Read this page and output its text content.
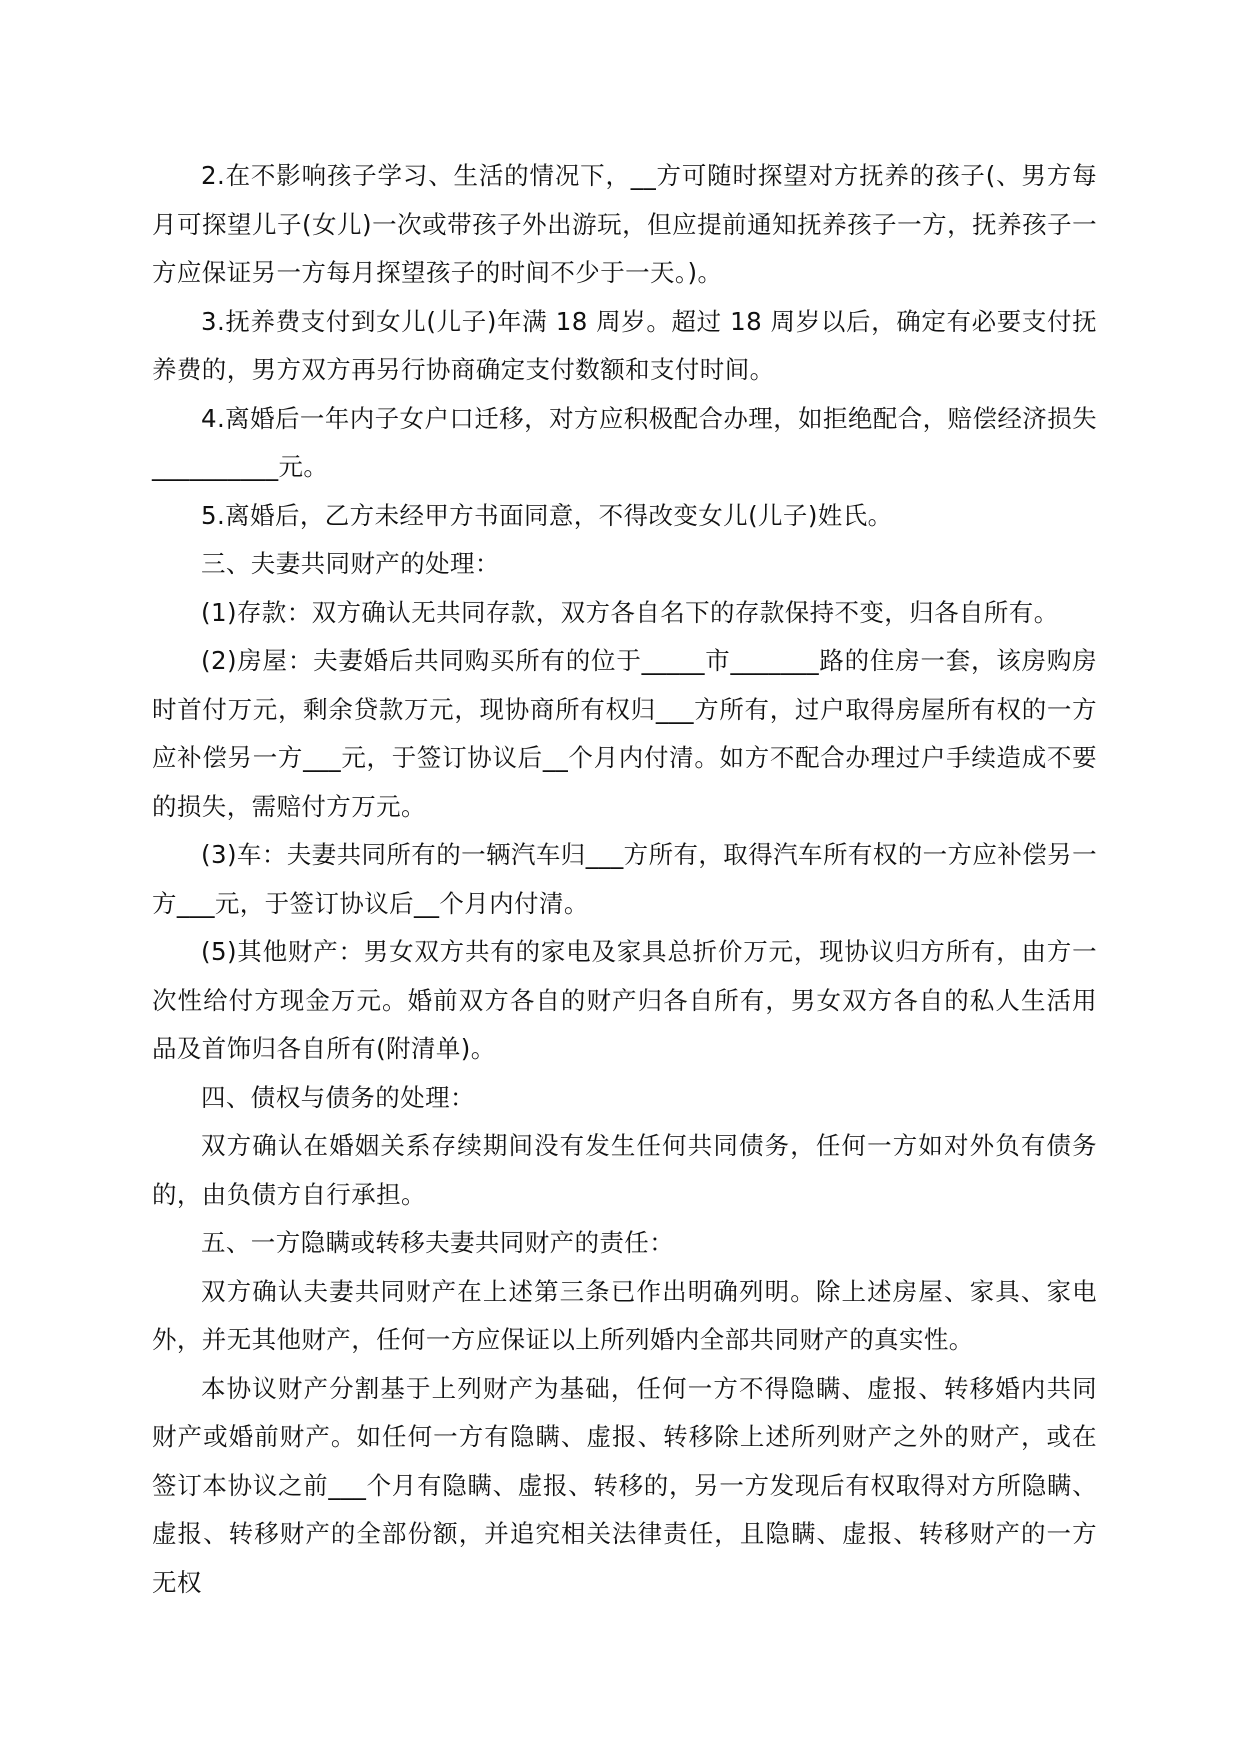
2.在不影响孩子学习、生活的情况下，__方可随时探望对方抚养的孩子(、男方每月可探望儿子(女儿)一次或带孩子外出游玩，但应提前通知抚养孩子一方，抚养孩子一方应保证另一方每月探望孩子的时间不少于一天。)。

3.抚养费支付到女儿(儿子)年满 18 周岁。超过 18 周岁以后，确定有必要支付抚养费的，男方双方再另行协商确定支付数额和支付时间。

4.离婚后一年内子女户口迁移，对方应积极配合办理，如拒绝配合，赔偿经济损失__________元。

5.离婚后，乙方未经甲方书面同意，不得改变女儿(儿子)姓氏。

三、夫妻共同财产的处理：

(1)存款：双方确认无共同存款，双方各自名下的存款保持不变，归各自所有。

(2)房屋：夫妻婚后共同购买所有的位于_____市_______路的住房一套，该房购房时首付万元，剩余贷款万元，现协商所有权归___方所有，过户取得房屋所有权的一方应补偿另一方___元，于签订协议后__个月内付清。如方不配合办理过户手续造成不要的损失，需赔付方万元。

(3)车：夫妻共同所有的一辆汽车归___方所有，取得汽车所有权的一方应补偿另一方___元，于签订协议后__个月内付清。

(5)其他财产：男女双方共有的家电及家具总折价万元，现协议归方所有，由方一次性给付方现金万元。婚前双方各自的财产归各自所有，男女双方各自的私人生活用品及首饰归各自所有(附清单)。

四、债权与债务的处理：

双方确认在婚姻关系存续期间没有发生任何共同债务，任何一方如对外负有债务的，由负债方自行承担。

五、一方隐瞒或转移夫妻共同财产的责任：

双方确认夫妻共同财产在上述第三条已作出明确列明。除上述房屋、家具、家电外，并无其他财产，任何一方应保证以上所列婚内全部共同财产的真实性。

本协议财产分割基于上列财产为基础，任何一方不得隐瞒、虚报、转移婚内共同财产或婚前财产。如任何一方有隐瞒、虚报、转移除上述所列财产之外的财产，或在签订本协议之前___个月有隐瞒、虚报、转移的，另一方发现后有权取得对方所隐瞒、虚报、转移财产的全部份额，并追究相关法律责任，且隐瞒、虚报、转移财产的一方无权
